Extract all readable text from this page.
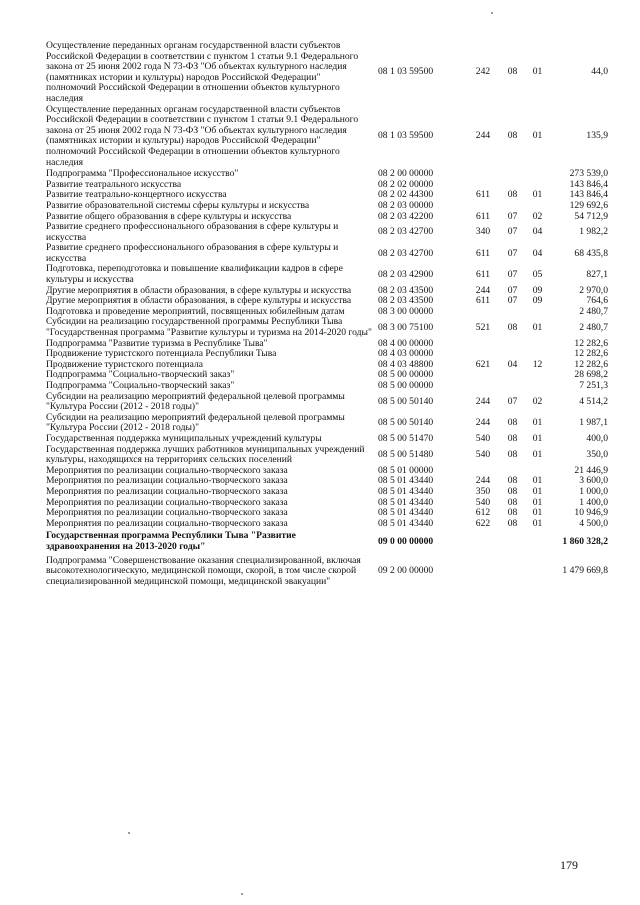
Осуществление переданных органам государственной власти субъектов Российской Федерации в соответствии с пунктом 1 статьи 9.1 Федерального закона от 25 июня 2002 года N 73-ФЗ "Об объектах культурного наследия (памятниках истории и культуры) народов Российской Федерации" полномочий Российской Федерации в отношении объектов культурного наследия	08 1 03 59500	242	08	01	44,0
Осуществление переданных органам государственной власти субъектов Российской Федерации в соответствии с пунктом 1 статьи 9.1 Федерального закона от 25 июня 2002 года N 73-ФЗ "Об объектах культурного наследия (памятниках истории и культуры) народов Российской Федерации" полномочий Российской Федерации в отношении объектов культурного наследия	08 1 03 59500	244	08	01	135,9
Подпрограмма "Профессиональное искусство"	08 2 00 00000				273 539,0
Развитие театрального искусства	08 2 02 00000				143 846,4
Развитие театрально-концертного искусства	08 2 02 44300	611	08	01	143 846,4
Развитие образовательной системы сферы культуры и искусства	08 2 03 00000				129 692,6
Развитие общего образования в сфере культуры и искусства	08 2 03 42200	611	07	02	54 712,9
Развитие среднего профессионального образования в сфере культуры и искусства	08 2 03 42700	340	07	04	1 982,2
Развитие среднего профессионального образования в сфере культуры и искусства	08 2 03 42700	611	07	04	68 435,8
Подготовка, переподготовка и повышение квалификации кадров в сфере культуры и искусства	08 2 03 42900	611	07	05	827,1
Другие мероприятия в области образования, в сфере культуры и искусства	08 2 03 43500	244	07	09	2 970,0
Другие мероприятия в области образования, в сфере культуры и искусства	08 2 03 43500	611	07	09	764,6
Подготовка и проведение мероприятий, посвященных юбилейным датам	08 3 00 00000				2 480,7
Субсидии на реализацию государственной программы Республики Тыва "Государственная программа "Развитие культуры и туризма на 2014-2020 годы"	08 3 00 75100	521	08	01	2 480,7
Подпрограмма "Развитие туризма в Республике Тыва"	08 4 00 00000				12 282,6
Продвижение туристского потенциала Республики Тыва	08 4 03 00000				12 282,6
Продвижение туристского потенциала	08 4 03 48800	621	04	12	12 282,6
Подпрограмма "Социально-творческий заказ"	08 5 00 00000				28 698,2
Подпрограмма "Социально-творческий заказ"	08 5 00 00000				7 251,3
Субсидии на реализацию мероприятий федеральной целевой программы "Культура России (2012 - 2018 годы)"	08 5 00 50140	244	07	02	4 514,2
Субсидии на реализацию мероприятий федеральной целевой программы "Культура России (2012 - 2018 годы)"	08 5 00 50140	244	08	01	1 987,1
Государственная поддержка муниципальных учреждений культуры	08 5 00 51470	540	08	01	400,0
Государственная поддержка лучших работников муниципальных учреждений культуры, находящихся на территориях сельских поселений	08 5 00 51480	540	08	01	350,0
Мероприятия по реализации социально-творческого заказа	08 5 01 00000				21 446,9
Мероприятия по реализации социально-творческого заказа	08 5 01 43440	244	08	01	3 600,0
Мероприятия по реализации социально-творческого заказа	08 5 01 43440	350	08	01	1 000,0
Мероприятия по реализации социально-творческого заказа	08 5 01 43440	540	08	01	1 400,0
Мероприятия по реализации социально-творческого заказа	08 5 01 43440	612	08	01	10 946,9
Мероприятия по реализации социально-творческого заказа	08 5 01 43440	622	08	01	4 500,0
Государственная программа Республики Тыва "Развитие здравоохранения на 2013-2020 годы"	09 0 00 00000				1 860 328,2
Подпрограмма "Совершенствование оказания специализированной, включая высокотехнологическую, медицинской помощи, скорой, в том числе скорой специализированной медицинской помощи, медицинской эвакуации"	09 2 00 00000				1 479 669,8
179
